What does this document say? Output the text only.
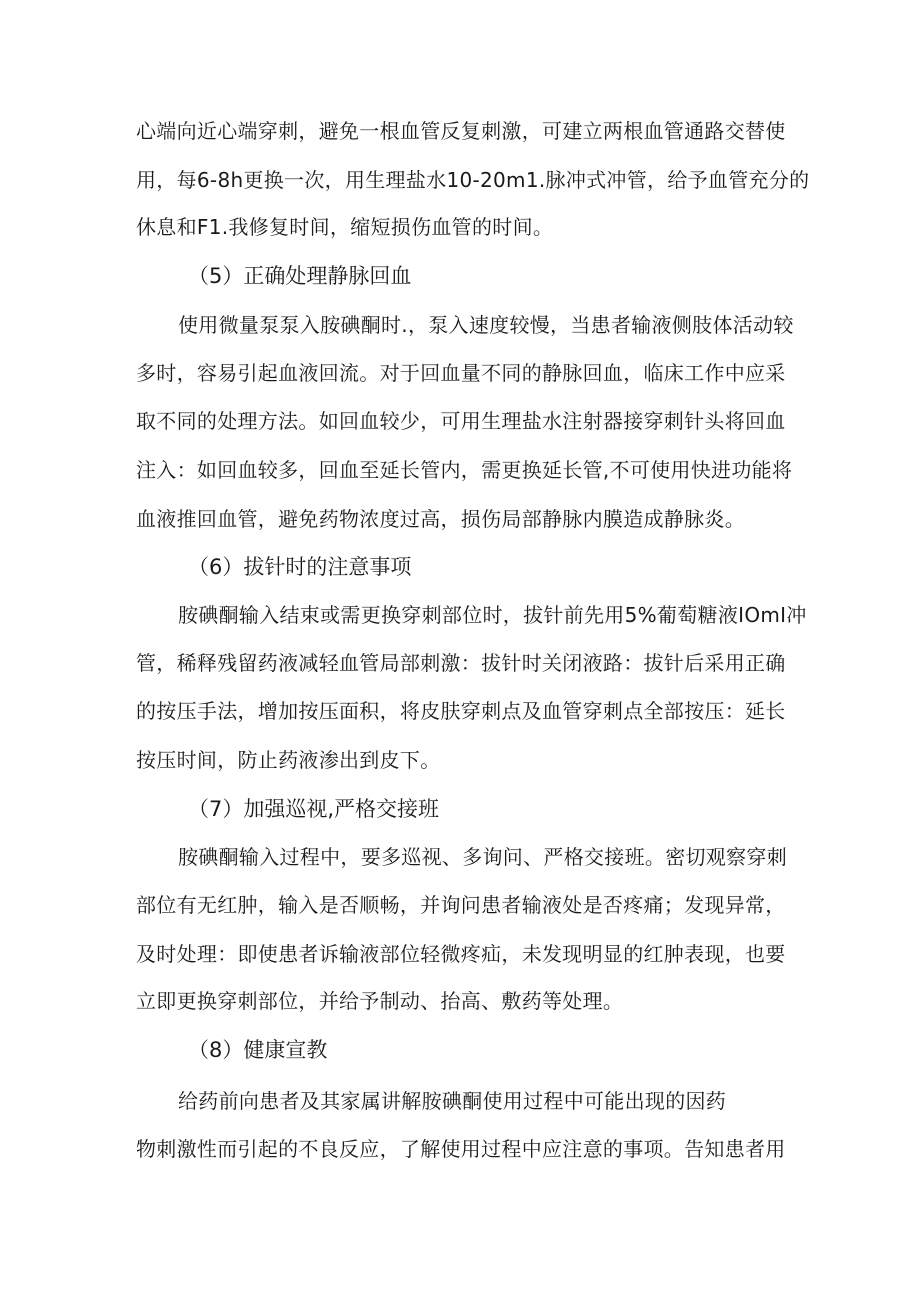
心端向近心端穿刺，避免一根血管反复刺激，可建立两根血管通路交替使

用，每6-8h更换一次，用生理盐水10-20m1.脉冲式冲管，给予血管充分的

休息和F1.我修复时间，缩短损伤血管的时间。

（5）正确处理静脉回血

使用微量泵泵入胺碘酮时.，泵入速度较慢，当患者输液侧肢体活动较

多时，容易引起血液回流。对于回血量不同的静脉回血，临床工作中应采

取不同的处理方法。如回血较少，可用生理盐水注射器接穿刺针头将回血

注入：如回血较多，回血至延长管内，需更换延长管,不可使用快进功能将

血液推回血管，避免药物浓度过高，损伤局部静脉内膜造成静脉炎。

（6）拔针时的注意事项

胺碘酮输入结束或需更换穿刺部位时，拔针前先用5%葡萄糖液IOmI冲

管，稀释残留药液减轻血管局部刺激：拔针时关闭液路：拔针后采用正确

的按压手法，增加按压面积，将皮肤穿刺点及血管穿刺点全部按压：延长

按压时间，防止药液渗出到皮下。

（7）加强巡视,严格交接班

胺碘酮输入过程中，要多巡视、多询问、严格交接班。密切观察穿刺

部位有无红肿，输入是否顺畅，并询问患者输液处是否疼痛；发现异常，

及时处理：即使患者诉输液部位轻微疼疝，未发现明显的红肿表现，也要

立即更换穿刺部位，并给予制动、抬高、敷药等处理。

（8）健康宣教

给药前向患者及其家属讲解胺碘酮使用过程中可能出现的因药

物刺激性而引起的不良反应，了解使用过程中应注意的事项。告知患者用
